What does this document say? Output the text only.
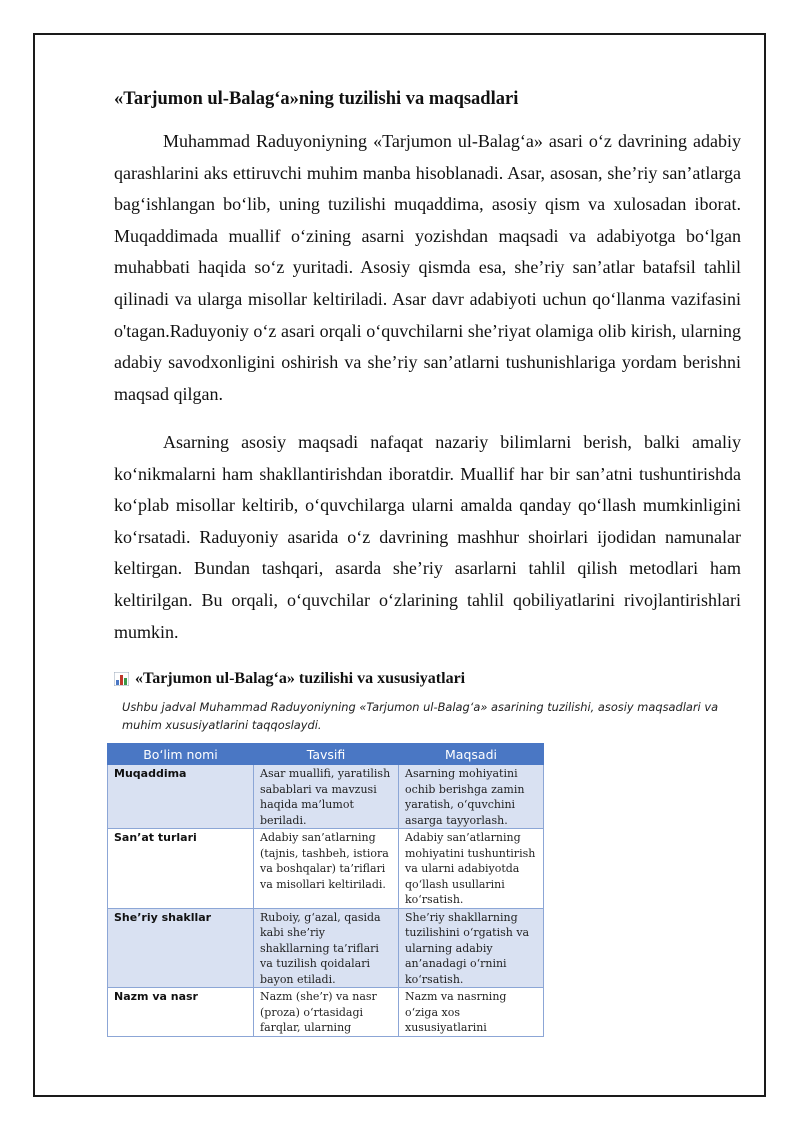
«Tarjumon ul-Balag‘a»ning tuzilishi va maqsadlari

Muhammad Raduyoniyning «Tarjumon ul-Balag‘a» asari o‘z davrining adabiy qarashlarini aks ettiruvchi muhim manba hisoblanadi. Asar, asosan, she’riy san’atlarga bag‘ishlangan bo‘lib, uning tuzilishi muqaddima, asosiy qism va xulosadan iborat. Muqaddimada muallif o‘zining asarni yozishdan maqsadi va adabiyotga bo‘lgan muhabbati haqida so‘z yuritadi. Asosiy qismda esa, she’riy san’atlar batafsil tahlil qilinadi va ularga misollar keltiriladi. Asar davr adabiyoti uchun qo‘llanma vazifasini o'tagan.Raduyoniy o‘z asari orqali o‘quvchilarni she’riyat olamiga olib kirish, ularning adabiy savodxonligini oshirish va she’riy san’atlarni tushunishlariga yordam berishni maqsad qilgan.

Asarning asosiy maqsadi nafaqat nazariy bilimlarni berish, balki amaliy ko‘nikmalarni ham shakllantirishdan iboratdir. Muallif har bir san’atni tushuntirishda ko‘plab misollar keltirib, o‘quvchilarga ularni amalda qanday qo‘llash mumkinligini ko‘rsatadi. Raduyoniy asarida o‘z davrining mashhur shoirlari ijodidan namunalar keltirgan. Bundan tashqari, asarda she’riy asarlarni tahlil qilish metodlari ham keltirilgan. Bu orqali, o‘quvchilar o‘zlarining tahlil qobiliyatlarini rivojlantirishlari mumkin.

«Tarjumon ul-Balag‘a» tuzilishi va xususiyatlari

Ushbu jadval Muhammad Raduyoniyning «Tarjumon ul-Balag‘a» asarining tuzilishi, asosiy maqsadlari va muhim xususiyatlarini taqqoslaydi.

Bo‘lim nomi	Tavsifi	Maqsadi
Muqaddima	Asar muallifi, yaratilish sabablari va mavzusi haqida ma’lumot beriladi.	Asarning mohiyatini ochib berishga zamin yaratish, o‘quvchini asarga tayyorlash.
San’at turlari	Adabiy san’atlarning (tajnis, tashbeh, istiora va boshqalar) ta’riflari va misollari keltiriladi.	Adabiy san’atlarning mohiyatini tushuntirish va ularni adabiyotda qo‘llash usullarini ko‘rsatish.
She’riy shakllar	Ruboiy, g‘azal, qasida kabi she’riy shakllarning ta’riflari va tuzilish qoidalari bayon etiladi.	She’riy shakllarning tuzilishini o‘rgatish va ularning adabiy an’anadagi o‘rnini ko‘rsatish.
Nazm va nasr	Nazm (she’r) va nasr (proza) o‘rtasidagi farqlar, ularning	Nazm va nasrning o‘ziga xos xususiyatlarini
